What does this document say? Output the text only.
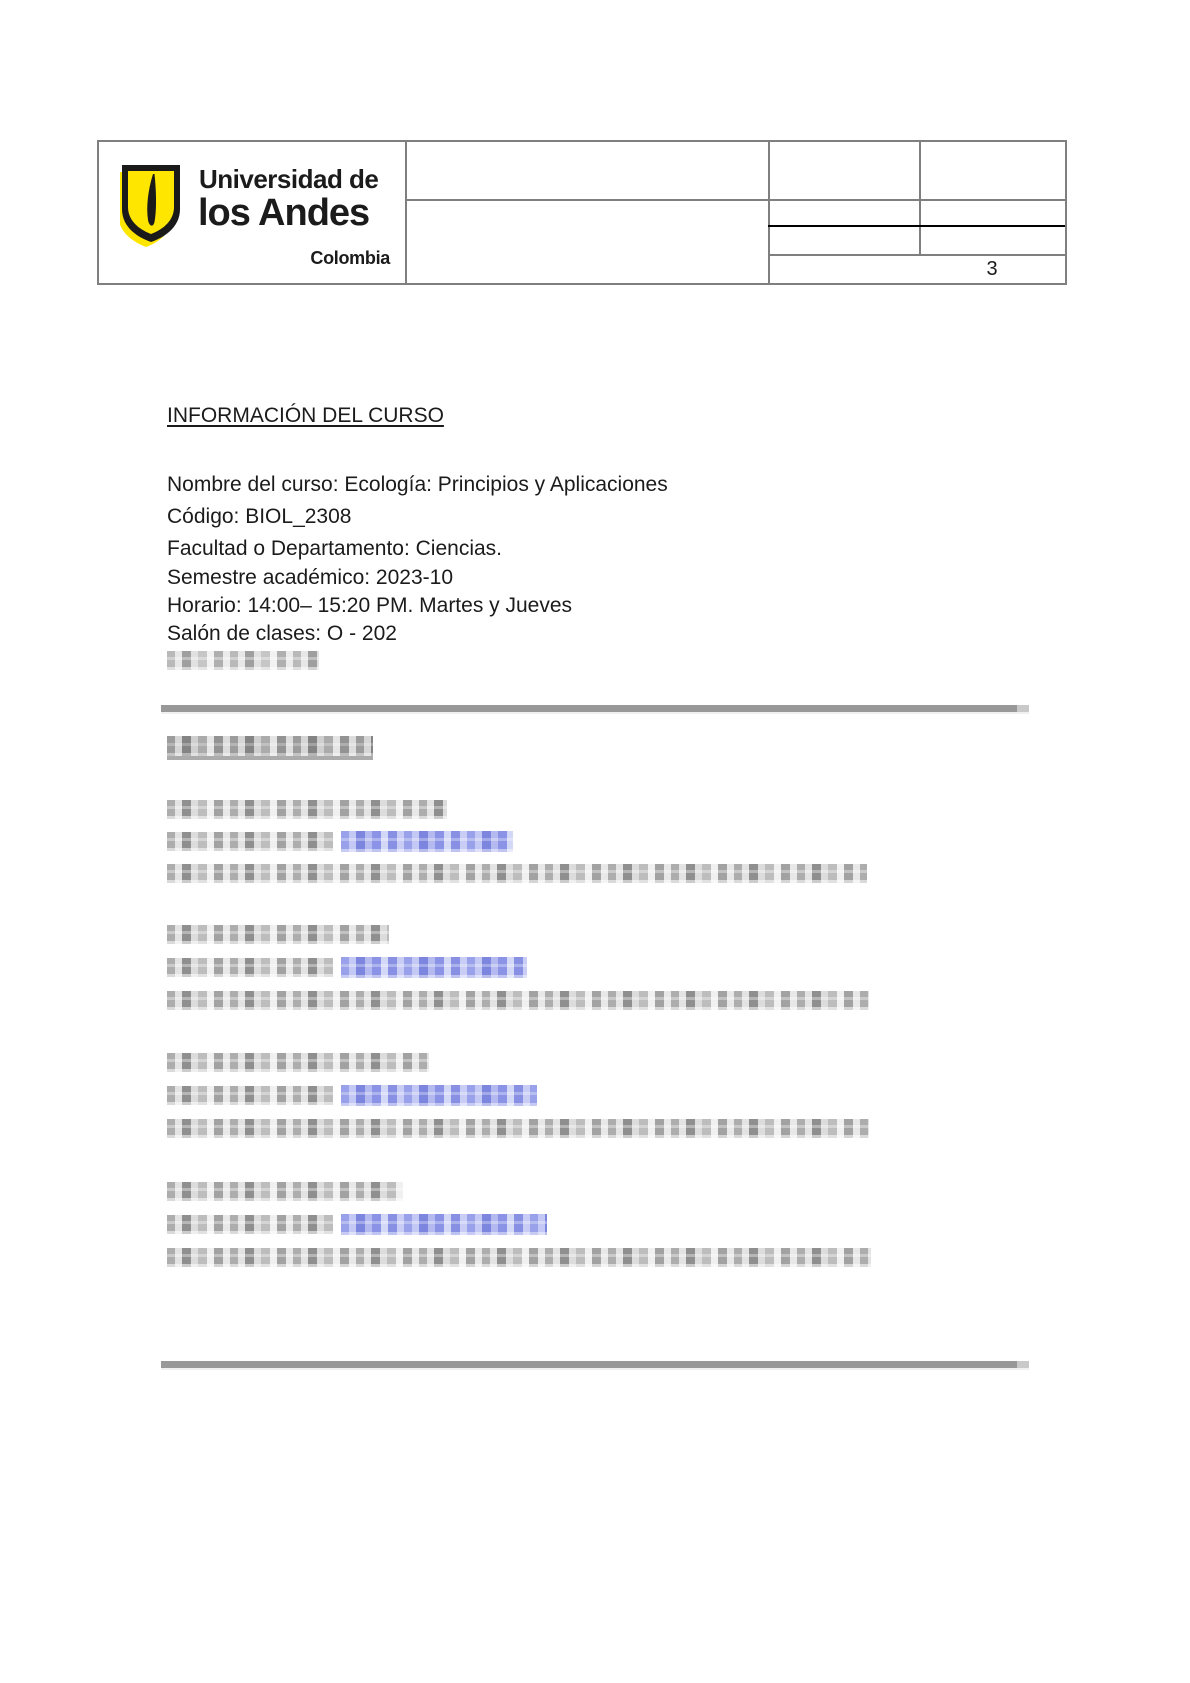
Universidad de
los Andes
Colombia	3
INFORMACIÓN DEL CURSO
Nombre del curso: Ecología: Principios y Aplicaciones
Código: BIOL_2308
Facultad o Departamento: Ciencias.
Semestre académico: 2023-10
Horario: 14:00– 15:20 PM. Martes y Jueves
Salón de clases: O - 202
